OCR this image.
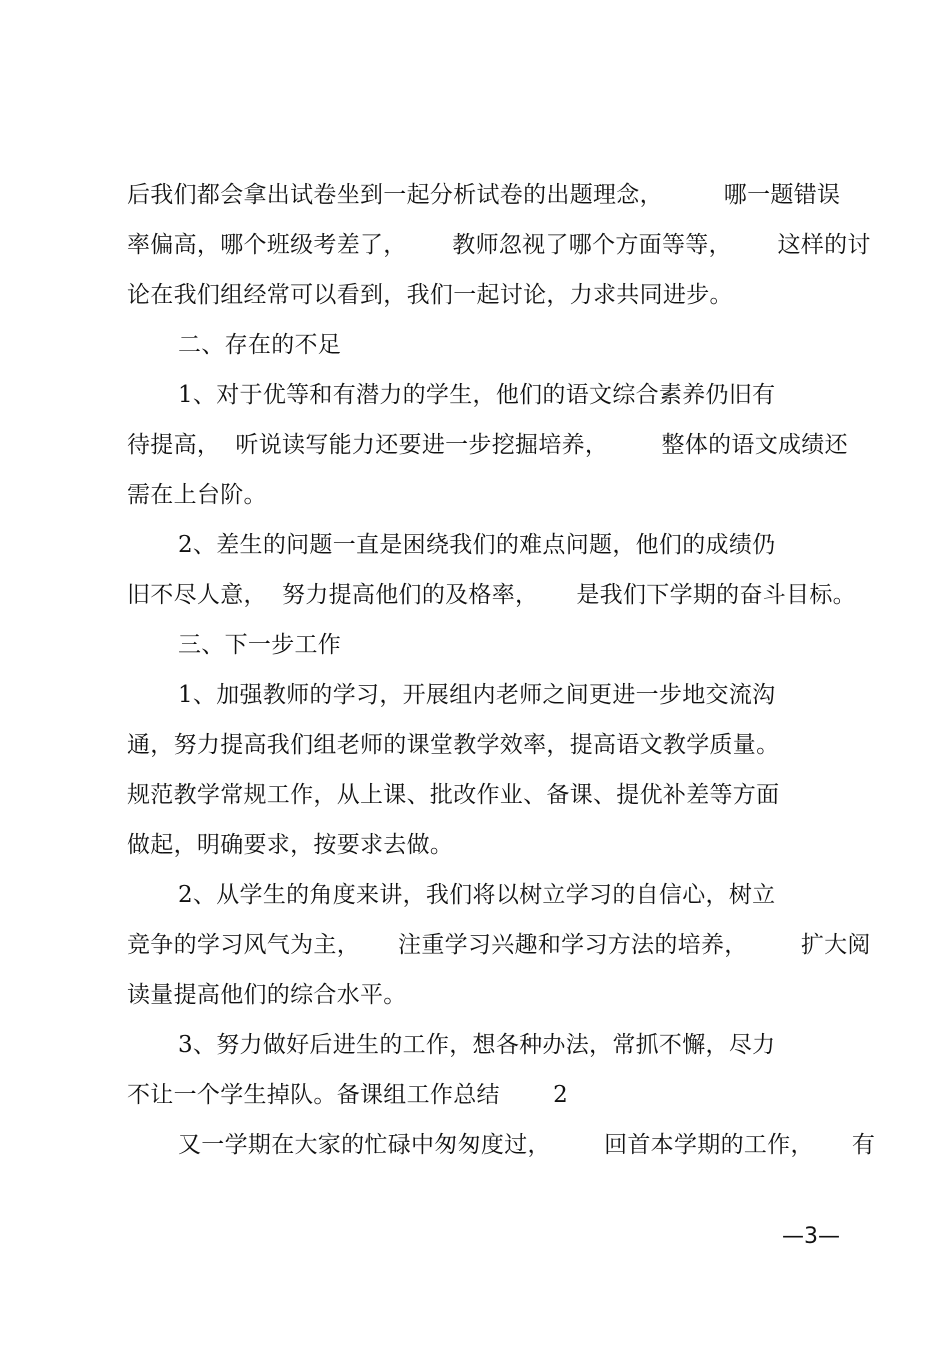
后我们都会拿出试卷坐到一起分析试卷的出题理念，        哪一题错误
率偏高，哪个班级考差了，      教师忽视了哪个方面等等，      这样的讨
论在我们组经常可以看到，我们一起讨论，力求共同进步。
二、存在的不足
1、对于优等和有潜力的学生，他们的语文综合素养仍旧有
待提高，  听说读写能力还要进一步挖掘培养，       整体的语文成绩还
需在上台阶。
2、差生的问题一直是困绕我们的难点问题，他们的成绩仍
旧不尽人意，  努力提高他们的及格率，     是我们下学期的奋斗目标。
三、下一步工作
1、加强教师的学习，开展组内老师之间更进一步地交流沟
通，努力提高我们组老师的课堂教学效率，提高语文教学质量。
规范教学常规工作，从上课、批改作业、备课、提优补差等方面
做起，明确要求，按要求去做。
2、从学生的角度来讲，我们将以树立学习的自信心，树立
竞争的学习风气为主，     注重学习兴趣和学习方法的培养，       扩大阅
读量提高他们的综合水平。
3、努力做好后进生的工作，想各种办法，常抓不懈，尽力
不让一个学生掉队。备课组工作总结       2
又一学期在大家的忙碌中匆匆度过，       回首本学期的工作，     有
—3—
